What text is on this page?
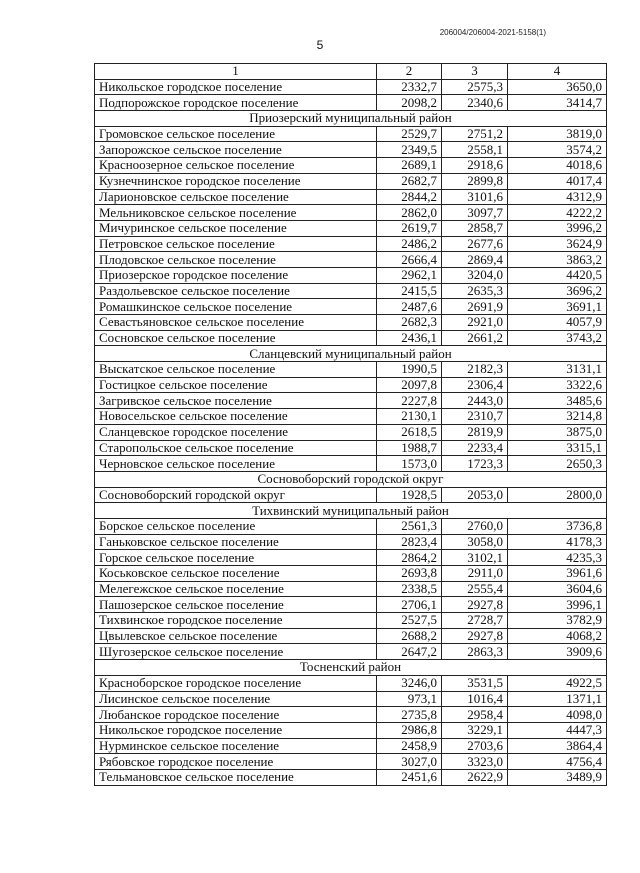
206004/206004-2021-5158(1)
5
1	2	3	4
Никольское городское поселение	2332,7	2575,3	3650,0
Подпорожское городское поселение	2098,2	2340,6	3414,7
Приозерский муниципальный район			
Громовское сельское поселение	2529,7	2751,2	3819,0
Запорожское сельское поселение	2349,5	2558,1	3574,2
Красноозерное сельское поселение	2689,1	2918,6	4018,6
Кузнечнинское городское поселение	2682,7	2899,8	4017,4
Ларионовское сельское поселение	2844,2	3101,6	4312,9
Мельниковское сельское поселение	2862,0	3097,7	4222,2
Мичуринское сельское поселение	2619,7	2858,7	3996,2
Петровское сельское поселение	2486,2	2677,6	3624,9
Плодовское сельское поселение	2666,4	2869,4	3863,2
Приозерское городское поселение	2962,1	3204,0	4420,5
Раздольевское сельское поселение	2415,5	2635,3	3696,2
Ромашкинское сельское поселение	2487,6	2691,9	3691,1
Севастьяновское сельское поселение	2682,3	2921,0	4057,9
Сосновское сельское поселение	2436,1	2661,2	3743,2
Сланцевский муниципальный район			
Выскатское сельское поселение	1990,5	2182,3	3131,1
Гостицкое сельское поселение	2097,8	2306,4	3322,6
Загривское сельское поселение	2227,8	2443,0	3485,6
Новосельское сельское поселение	2130,1	2310,7	3214,8
Сланцевское городское поселение	2618,5	2819,9	3875,0
Старопольское сельское поселение	1988,7	2233,4	3315,1
Черновское сельское поселение	1573,0	1723,3	2650,3
Сосновоборский городской округ			
Сосновоборский городской округ	1928,5	2053,0	2800,0
Тихвинский муниципальный район			
Борское сельское поселение	2561,3	2760,0	3736,8
Ганьковское сельское поселение	2823,4	3058,0	4178,3
Горское сельское поселение	2864,2	3102,1	4235,3
Коськовское сельское поселение	2693,8	2911,0	3961,6
Мелегежское сельское поселение	2338,5	2555,4	3604,6
Пашозерское сельское поселение	2706,1	2927,8	3996,1
Тихвинское городское поселение	2527,5	2728,7	3782,9
Цвылевское сельское поселение	2688,2	2927,8	4068,2
Шугозерское сельское поселение	2647,2	2863,3	3909,6
Тосненский район			
Красноборское городское поселение	3246,0	3531,5	4922,5
Лисинское сельское поселение	973,1	1016,4	1371,1
Любанское городское поселение	2735,8	2958,4	4098,0
Никольское городское поселение	2986,8	3229,1	4447,3
Нурминское сельское поселение	2458,9	2703,6	3864,4
Рябовское городское поселение	3027,0	3323,0	4756,4
Тельмановское сельское поселение	2451,6	2622,9	3489,9
